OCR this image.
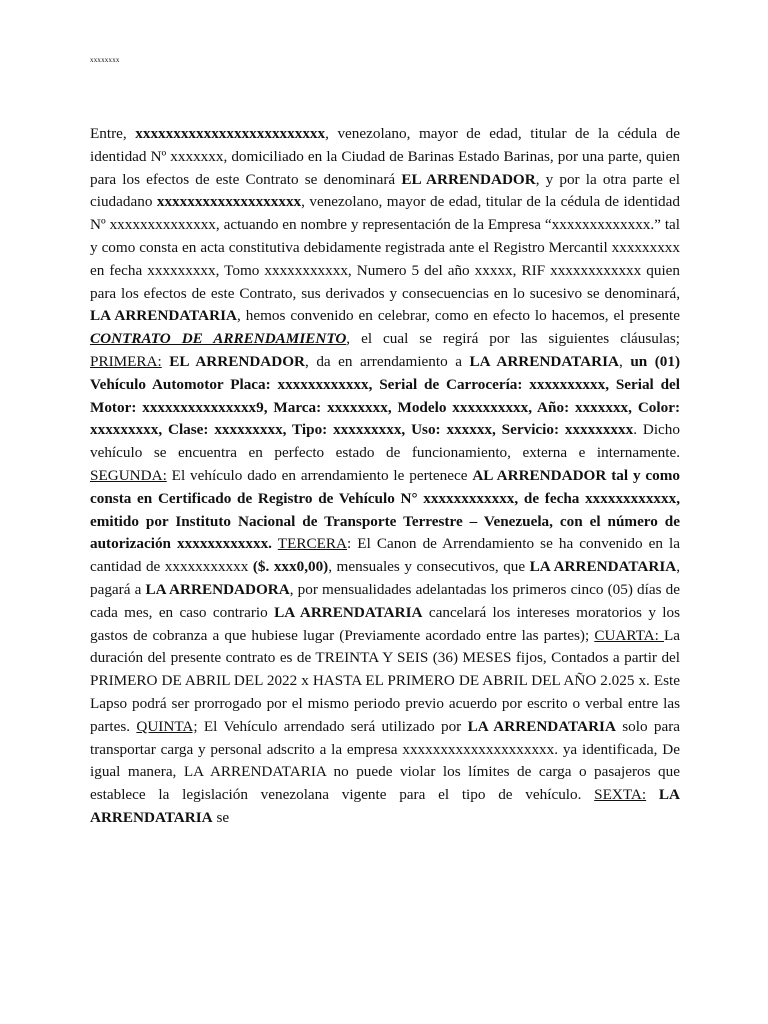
xxxxxxxx
Entre, xxxxxxxxxxxxxxxxxxxxxxxxx, venezolano, mayor de edad, titular de la cédula de identidad Nº xxxxxxx, domiciliado en la Ciudad de Barinas Estado Barinas, por una parte, quien para los efectos de este Contrato se denominará EL ARRENDADOR, y por la otra parte el ciudadano xxxxxxxxxxxxxxxxxxx, venezolano, mayor de edad, titular de la cédula de identidad Nº xxxxxxxxxxxxxx, actuando en nombre y representación de la Empresa “xxxxxxxxxxxxx.” tal y como consta en acta constitutiva debidamente registrada ante el Registro Mercantil xxxxxxxxx en fecha xxxxxxxxx, Tomo xxxxxxxxxxx, Numero 5 del año xxxxx, RIF xxxxxxxxxxxx quien para los efectos de este Contrato, sus derivados y consecuencias en lo sucesivo se denominará, LA ARRENDATARIA, hemos convenido en celebrar, como en efecto lo hacemos, el presente CONTRATO DE ARRENDAMIENTO, el cual se regirá por las siguientes cláusulas; PRIMERA: EL ARRENDADOR, da en arrendamiento a LA ARRENDATARIA, un (01) Vehículo Automotor Placa: xxxxxxxxxxxx, Serial de Carrocería: xxxxxxxxxx, Serial del Motor: xxxxxxxxxxxxxxx9, Marca: xxxxxxxx, Modelo xxxxxxxxxx, Año: xxxxxxx, Color: xxxxxxxxx, Clase: xxxxxxxxx, Tipo: xxxxxxxxx, Uso: xxxxxx, Servicio: xxxxxxxxx. Dicho vehículo se encuentra en perfecto estado de funcionamiento, externa e internamente. SEGUNDA: El vehículo dado en arrendamiento le pertenece AL ARRENDADOR tal y como consta en Certificado de Registro de Vehículo N° xxxxxxxxxxxx, de fecha xxxxxxxxxxxx, emitido por Instituto Nacional de Transporte Terrestre – Venezuela, con el número de autorización xxxxxxxxxxxx. TERCERA: El Canon de Arrendamiento se ha convenido en la cantidad de xxxxxxxxxxx ($. xxx0,00), mensuales y consecutivos, que LA ARRENDATARIA, pagará a LA ARRENDADORA, por mensualidades adelantadas los primeros cinco (05) días de cada mes, en caso contrario LA ARRENDATARIA cancelará los intereses moratorios y los gastos de cobranza a que hubiese lugar (Previamente acordado entre las partes); CUARTA: La duración del presente contrato es de TREINTA Y SEIS (36) MESES fijos, Contados a partir del PRIMERO DE ABRIL DEL 2022 x HASTA EL PRIMERO DE ABRIL DEL AÑO 2.025 x. Este Lapso podrá ser prorrogado por el mismo periodo previo acuerdo por escrito o verbal entre las partes. QUINTA; El Vehículo arrendado será utilizado por LA ARRENDATARIA solo para transportar carga y personal adscrito a la empresa xxxxxxxxxxxxxxxxxxxx. ya identificada, De igual manera, LA ARRENDATARIA no puede violar los límites de carga o pasajeros que establece la legislación venezolana vigente para el tipo de vehículo. SEXTA: LA ARRENDATARIA se
